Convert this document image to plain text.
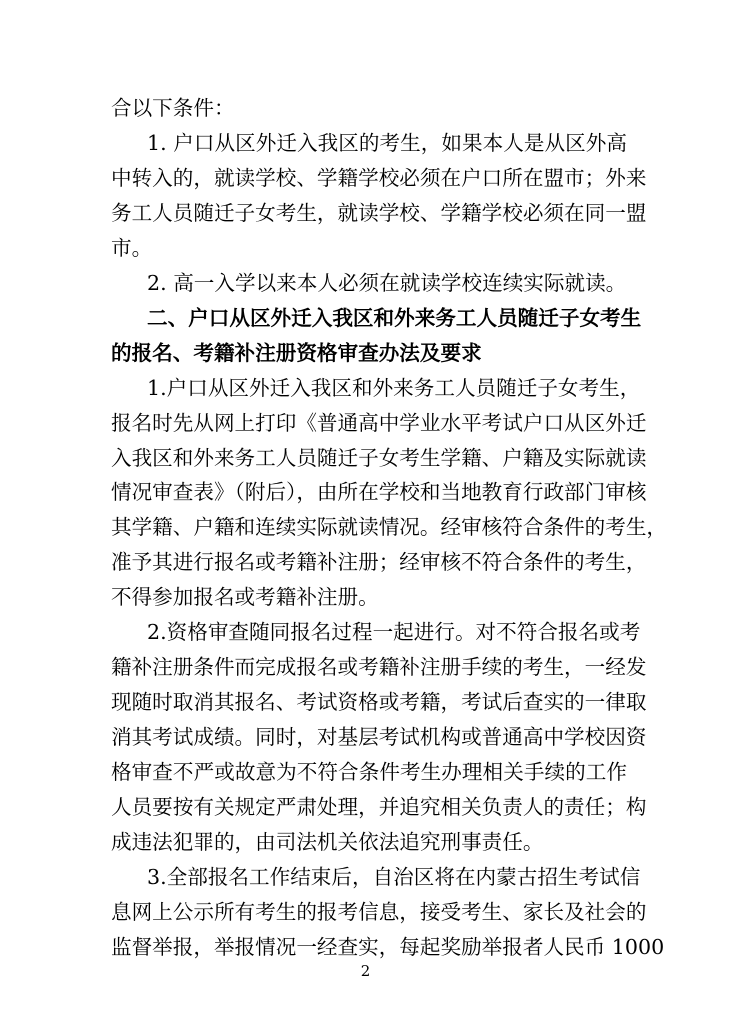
合以下条件：
1. 户口从区外迁入我区的考生，如果本人是从区外高
中转入的，就读学校、学籍学校必须在户口所在盟市；外来
务工人员随迁子女考生，就读学校、学籍学校必须在同一盟
市。
2. 高一入学以来本人必须在就读学校连续实际就读。
二、户口从区外迁入我区和外来务工人员随迁子女考生
的报名、考籍补注册资格审查办法及要求
1.户口从区外迁入我区和外来务工人员随迁子女考生，
报名时先从网上打印《普通高中学业水平考试户口从区外迁
入我区和外来务工人员随迁子女考生学籍、户籍及实际就读
情况审查表》（附后），由所在学校和当地教育行政部门审核
其学籍、户籍和连续实际就读情况。经审核符合条件的考生，
准予其进行报名或考籍补注册；经审核不符合条件的考生，
不得参加报名或考籍补注册。
2.资格审查随同报名过程一起进行。对不符合报名或考
籍补注册条件而完成报名或考籍补注册手续的考生，一经发
现随时取消其报名、考试资格或考籍，考试后查实的一律取
消其考试成绩。同时，对基层考试机构或普通高中学校因资
格审查不严或故意为不符合条件考生办理相关手续的工作
人员要按有关规定严肃处理，并追究相关负责人的责任；构
成违法犯罪的，由司法机关依法追究刑事责任。
3.全部报名工作结束后，自治区将在内蒙古招生考试信
息网上公示所有考生的报考信息，接受考生、家长及社会的
监督举报，举报情况一经查实，每起奖励举报者人民币 1000
2
